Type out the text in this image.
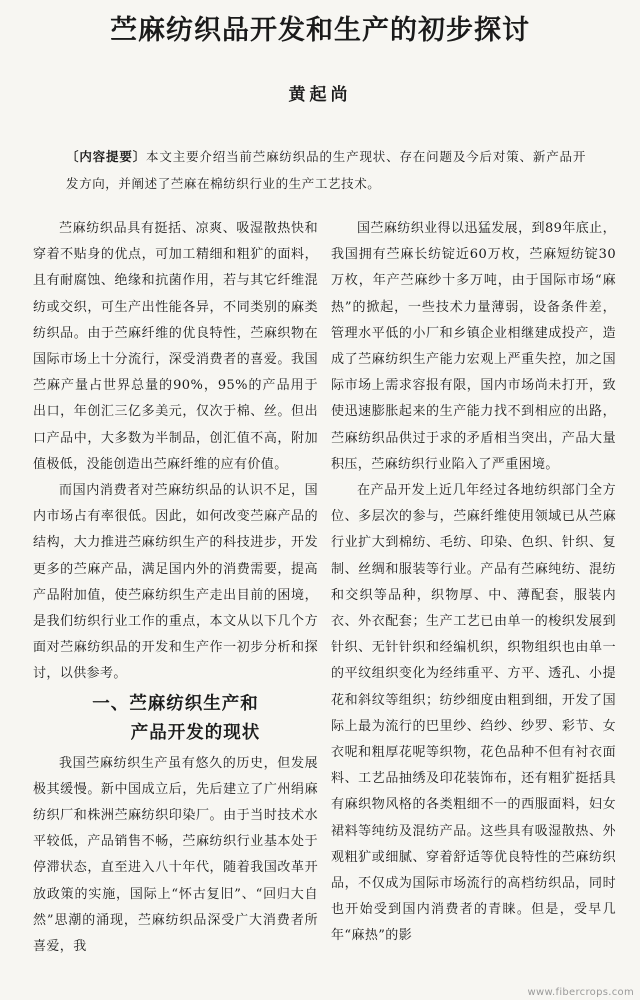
苎麻纺织品开发和生产的初步探讨
黄起尚
〔内容提要〕本文主要介绍当前苎麻纺织品的生产现状、存在问题及今后对策、新产品开发方向，并阐述了苎麻在棉纺织行业的生产工艺技术。

苎麻纺织品具有挺括、凉爽、吸湿散热快和穿着不贴身的优点，可加工精细和粗犷的面料，且有耐腐蚀、绝缘和抗菌作用，若与其它纤维混纺或交织，可生产出性能各异，不同类别的麻类纺织品。由于苎麻纤维的优良特性，苎麻织物在国际市场上十分流行，深受消费者的喜爱。我国苎麻产量占世界总量的90%，95%的产品用于出口，年创汇三亿多美元，仅次于棉、丝。但出口产品中，大多数为半制品，创汇值不高，附加值极低，没能创造出苎麻纤维的应有价值。

而国内消费者对苎麻纺织品的认识不足，国内市场占有率很低。因此，如何改变苎麻产品的结构，大力推进苎麻纺织生产的科技进步，开发更多的苎麻产品，满足国内外的消费需要，提高产品附加值，使苎麻纺织生产走出目前的困境，是我们纺织行业工作的重点，本文从以下几个方面对苎麻纺织品的开发和生产作一初步分析和探讨，以供参考。

一、苎麻纺织生产和
产品开发的现状

我国苎麻纺织生产虽有悠久的历史，但发展极其缓慢。新中国成立后，先后建立了广州绢麻纺织厂和株洲苎麻纺织印染厂。由于当时技术水平较低，产品销售不畅，苎麻纺织行业基本处于停滞状态，直至进入八十年代，随着我国改革开放政策的实施，国际上“怀古复旧”、“回归大自然”思潮的涌现，苎麻纺织品深受广大消费者所喜爱，我

国苎麻纺织业得以迅猛发展，到89年底止，我国拥有苎麻长纺锭近60万枚，苎麻短纺锭30万枚，年产苎麻纱十多万吨，由于国际市场“麻热”的掀起，一些技术力量薄弱，设备条件差，管理水平低的小厂和乡镇企业相继建成投产，造成了苎麻纺织生产能力宏观上严重失控，加之国际市场上需求容报有限，国内市场尚未打开，致使迅速膨胀起来的生产能力找不到相应的出路，苎麻纺织品供过于求的矛盾相当突出，产品大量积压，苎麻纺织行业陷入了严重困境。

在产品开发上近几年经过各地纺织部门全方位、多层次的参与，苎麻纤维使用领域已从苎麻行业扩大到棉纺、毛纺、印染、色织、针织、复制、丝绸和服装等行业。产品有苎麻纯纺、混纺和交织等品种，织物厚、中、薄配套，服装内衣、外衣配套；生产工艺已由单一的梭织发展到针织、无针针织和经编机织，织物组织也由单一的平纹组织变化为经纬重平、方平、透孔、小提花和斜纹等组织；纺纱细度由粗到细，开发了国际上最为流行的巴里纱、绉纱、纱罗、彩节、女衣呢和粗厚花呢等织物，花色品种不但有衬衣面料、工艺品抽绣及印花装饰布，还有粗犷挺括具有麻织物风格的各类粗细不一的西服面料，妇女裙料等纯纺及混纺产品。这些具有吸湿散热、外观粗犷或细腻、穿着舒适等优良特性的苎麻纺织品，不仅成为国际市场流行的高档纺织品，同时也开始受到国内消费者的青睐。但是，受早几年“麻热”的影

www.fibercrops.com
